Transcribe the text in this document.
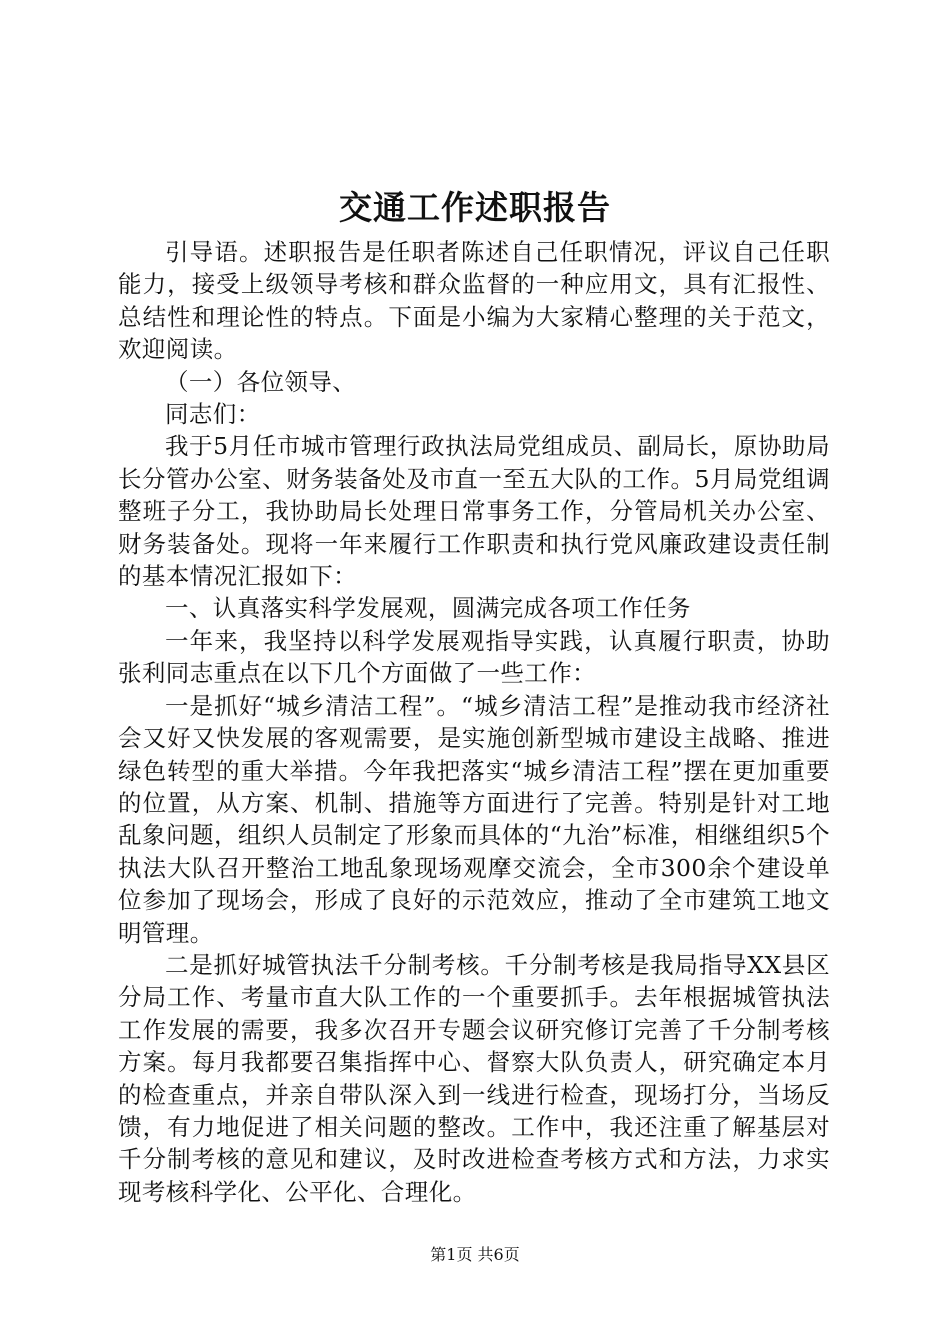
交通工作述职报告

引导语。述职报告是任职者陈述自己任职情况，评议自己任职能力，接受上级领导考核和群众监督的一种应用文，具有汇报性、总结性和理论性的特点。下面是小编为大家精心整理的关于范文，欢迎阅读。

（一）各位领导、

同志们：

我于5月任市城市管理行政执法局党组成员、副局长，原协助局长分管办公室、财务装备处及市直一至五大队的工作。5月局党组调整班子分工，我协助局长处理日常事务工作，分管局机关办公室、财务装备处。现将一年来履行工作职责和执行党风廉政建设责任制的基本情况汇报如下：

一、认真落实科学发展观，圆满完成各项工作任务

一年来，我坚持以科学发展观指导实践，认真履行职责，协助张利同志重点在以下几个方面做了一些工作：

一是抓好“城乡清洁工程”。“城乡清洁工程”是推动我市经济社会又好又快发展的客观需要，是实施创新型城市建设主战略、推进绿色转型的重大举措。今年我把落实“城乡清洁工程”摆在更加重要的位置，从方案、机制、措施等方面进行了完善。特别是针对工地乱象问题，组织人员制定了形象而具体的“九治”标准，相继组织5个执法大队召开整治工地乱象现场观摩交流会，全市300余个建设单位参加了现场会，形成了良好的示范效应，推动了全市建筑工地文明管理。

二是抓好城管执法千分制考核。千分制考核是我局指导XX县区分局工作、考量市直大队工作的一个重要抓手。去年根据城管执法工作发展的需要，我多次召开专题会议研究修订完善了千分制考核方案。每月我都要召集指挥中心、督察大队负责人，研究确定本月的检查重点，并亲自带队深入到一线进行检查，现场打分，当场反馈，有力地促进了相关问题的整改。工作中，我还注重了解基层对千分制考核的意见和建议，及时改进检查考核方式和方法，力求实现考核科学化、公平化、合理化。

第1页 共6页
